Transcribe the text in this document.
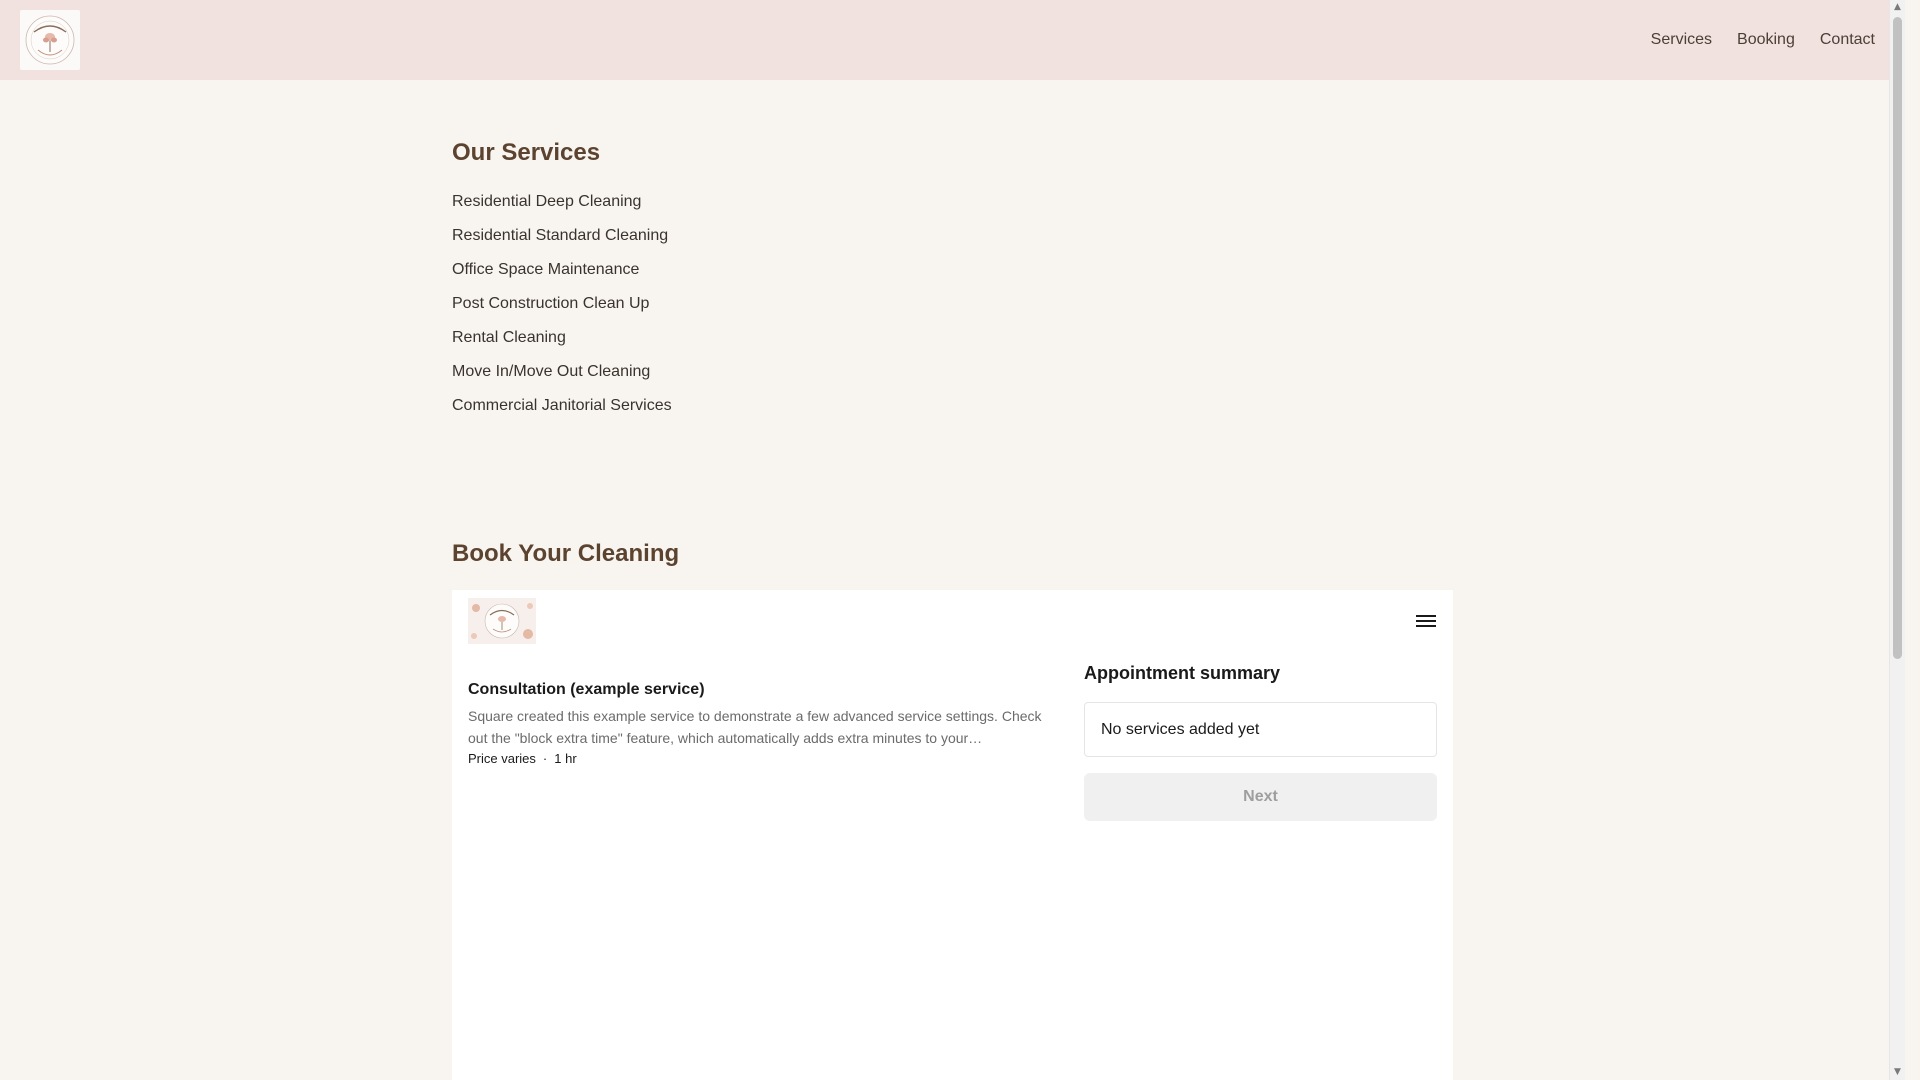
Services Booking Contact
Our Services
Residential Deep Cleaning
Residential Standard Cleaning
Office Space Maintenance
Post Construction Clean Up
Rental Cleaning
Move In/Move Out Cleaning
Commercial Janitorial Services
Book Your Cleaning
Consultation (example service)
Square created this example service to demonstrate a few advanced service settings. Check out the "block extra time" feature, which automatically adds extra minutes to your…
Price varies · 1 hr
Appointment summary
No services added yet
Next
▲
▼
